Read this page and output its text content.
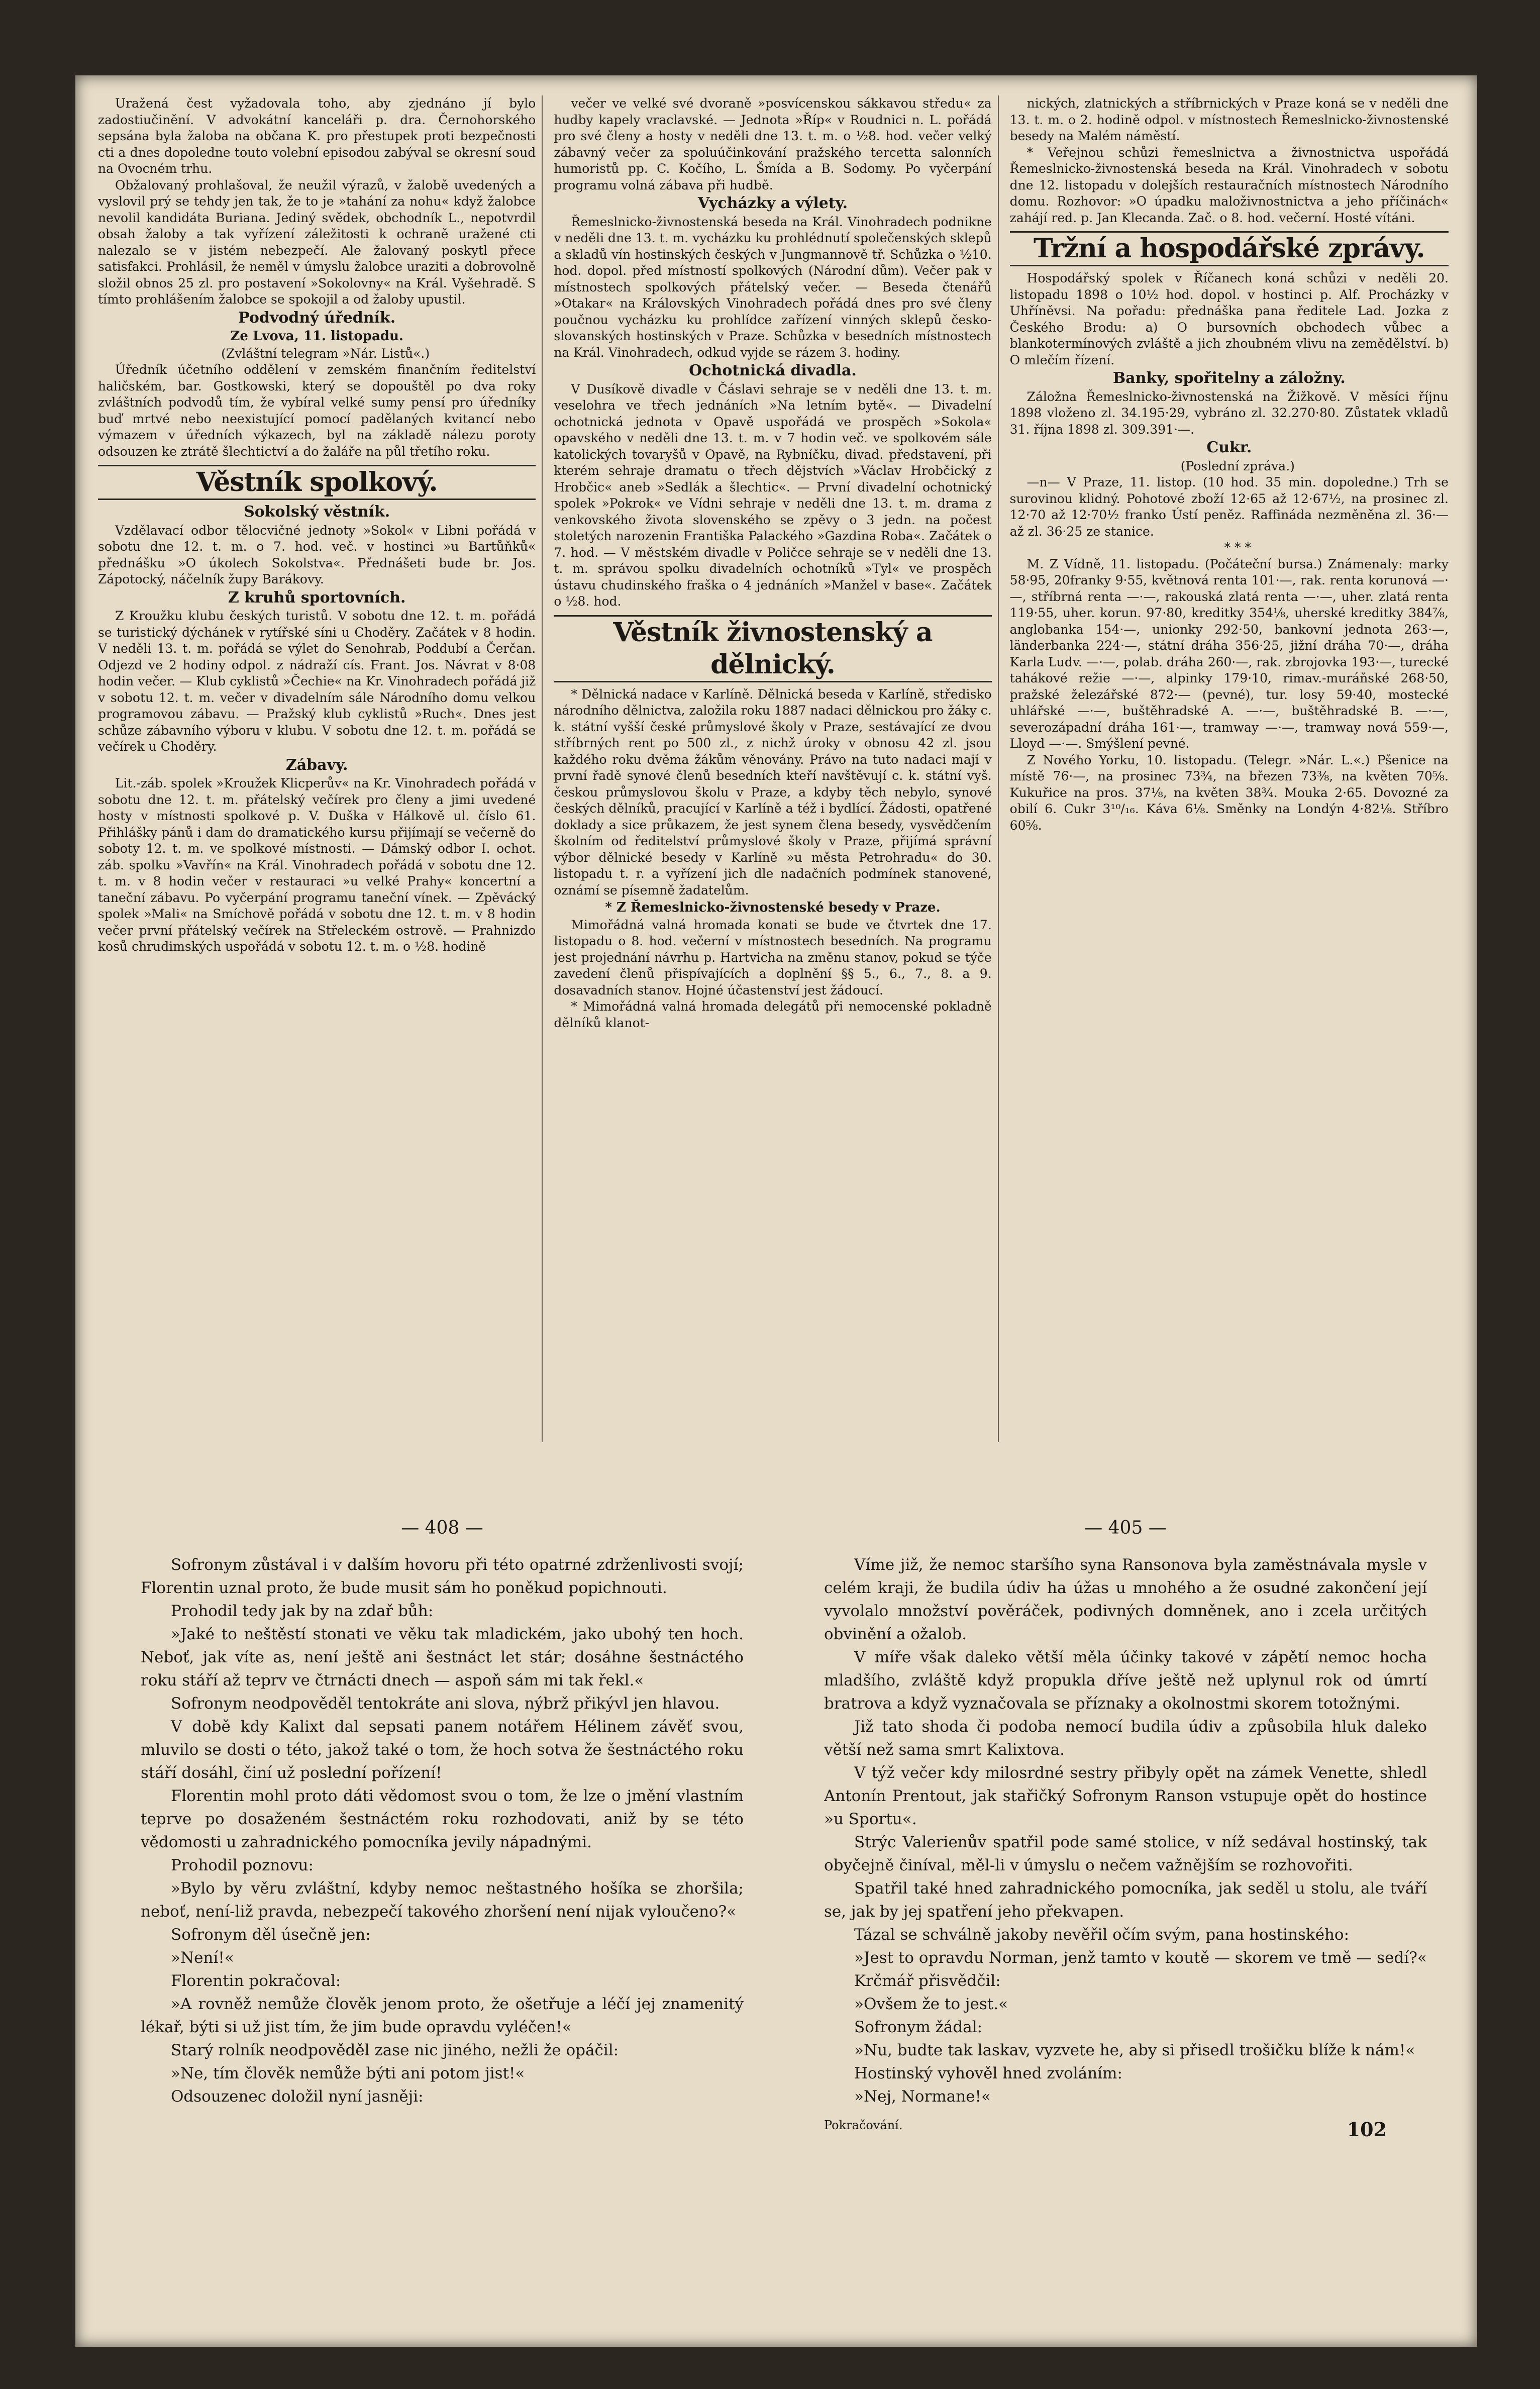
Uražená čest vyžadovala toho, aby zjednáno jí bylo zadostiučinění. V advokátní kanceláři p. dra. Černohorského sepsána byla žaloba na občana K. pro přestupek proti bezpečnosti cti a dnes dopoledne touto volební episodou zabýval se okresní soud na Ovocném trhu.

Obžalovaný prohlašoval, že neužil výrazů, v žalobě uvedených a vyslovil prý se tehdy jen tak, že to je »tahání za nohu« když žalobce nevolil kandidáta Buriana. Jediný svědek, obchodník L., nepotvrdil obsah žaloby a tak vyřízení záležitosti k ochraně uražené cti nalezalo se v jistém nebezpečí. Ale žalovaný poskytl přece satisfakci. Prohlásil, že neměl v úmyslu žalobce uraziti a dobrovolně složil obnos 25 zl. pro postavení »Sokolovny« na Král. Vyšehradě. S tímto prohlášením žalobce se spokojil a od žaloby upustil.

Podvodný úředník.
Ze Lvova, 11. listopadu.

(Zvláštní telegram »Nár. Listů«.)

Úředník účetního oddělení v zemském finančním ředitelství haličském, bar. Gostkowski, který se dopouštěl po dva roky zvláštních podvodů tím, že vybíral velké sumy pensí pro úředníky buď mrtvé nebo neexistující pomocí padělaných kvitancí nebo výmazem v úředních výkazech, byl na základě nálezu poroty odsouzen ke ztrátě šlechtictví a do žaláře na půl třetího roku.

Věstník spolkový.
Sokolský věstník.

Vzdělavací odbor tělocvičné jednoty »Sokol« v Libni pořádá v sobotu dne 12. t. m. o 7. hod. več. v hostinci »u Bartůňků« přednášku »O úkolech Sokolstva«. Přednášeti bude br. Jos. Zápotocký, náčelník župy Barákovy.

Z kruhů sportovních.

Z Kroužku klubu českých turistů. V sobotu dne 12. t. m. pořádá se turistický dýchánek v rytířské síni u Choděry. Začátek v 8 hodin. V neděli 13. t. m. pořádá se výlet do Senohrab, Poddubí a Čerčan. Odjezd ve 2 hodiny odpol. z nádraží cís. Frant. Jos. Návrat v 8·08 hodin večer. — Klub cyklistů »Čechie« na Kr. Vinohradech pořádá již v sobotu 12. t. m. večer v divadelním sále Národního domu velkou programovou zábavu. — Pražský klub cyklistů »Ruch«. Dnes jest schůze zábavního výboru v klubu. V sobotu dne 12. t. m. pořádá se večírek u Choděry.

Zábavy.

Lit.-záb. spolek »Kroužek Klicperův« na Kr. Vinohradech pořádá v sobotu dne 12. t. m. přátelský večírek pro členy a jimi uvedené hosty v místnosti spolkové p. V. Duška v Hálkově ul. číslo 61. Přihlášky pánů i dam do dramatického kursu přijímají se večerně do soboty 12. t. m. ve spolkové místnosti. — Dámský odbor I. ochot. záb. spolku »Vavřín« na Král. Vinohradech pořádá v sobotu dne 12. t. m. v 8 hodin večer v restauraci »u velké Prahy« koncertní a taneční zábavu. Po vyčerpání programu taneční vínek. — Zpěvácký spolek »Mali« na Smíchově pořádá v sobotu dne 12. t. m. v 8 hodin večer první přátelský večírek na Střeleckém ostrově. — Prahnizdo kosů chrudimských uspořádá v sobotu 12. t. m. o ½8. hodině

večer ve velké své dvoraně »posvícenskou sákkavou středu« za hudby kapely vraclavské. — Jednota »Říp« v Roudnici n. L. pořádá pro své členy a hosty v neděli dne 13. t. m. o ½8. hod. večer velký zábavný večer za spoluúčinkování pražského tercetta salonních humoristů pp. C. Kočího, L. Šmída a B. Sodomy. Po vyčerpání programu volná zábava při hudbě.

Vycházky a výlety.

Řemeslnicko-živnostenská beseda na Král. Vinohradech podnikne v neděli dne 13. t. m. vycházku ku prohlédnutí společenských sklepů a skladů vín hostinských českých v Jungmannově tř. Schůzka o ½10. hod. dopol. před místností spolkových (Národní dům). Večer pak v místnostech spolkových přátelský večer. — Beseda čtenářů »Otakar« na Královských Vinohradech pořádá dnes pro své členy poučnou vycházku ku prohlídce zařízení vinných sklepů česko-slovanských hostinských v Praze. Schůzka v besedních místnostech na Král. Vinohradech, odkud vyjde se rázem 3. hodiny.

Ochotnická divadla.

V Dusíkově divadle v Čáslavi sehraje se v neděli dne 13. t. m. veselohra ve třech jednáních »Na letním bytě«. — Divadelní ochotnická jednota v Opavě uspořádá ve prospěch »Sokola« opavského v neděli dne 13. t. m. v 7 hodin več. ve spolkovém sále katolických tovaryšů v Opavě, na Rybníčku, divad. představení, při kterém sehraje dramatu o třech dějstvích »Václav Hrobčický z Hrobčic« aneb »Sedlák a šlechtic«. — První divadelní ochotnický spolek »Pokrok« ve Vídni sehraje v neděli dne 13. t. m. drama z venkovského života slovenského se zpěvy o 3 jedn. na počest stoletých narozenin Františka Palackého »Gazdina Roba«. Začátek o 7. hod. — V městském divadle v Poličce sehraje se v neděli dne 13. t. m. správou spolku divadelních ochotníků »Tyl« ve prospěch ústavu chudinského fraška o 4 jednáních »Manžel v base«. Začátek o ½8. hod.

Věstník živnostenský a dělnický.

* Dělnická nadace v Karlíně. Dělnická beseda v Karlíně, středisko národního dělnictva, založila roku 1887 nadaci dělnickou pro žáky c. k. státní vyšší české průmyslové školy v Praze, sestávající ze dvou stříbrných rent po 500 zl., z nichž úroky v obnosu 42 zl. jsou každého roku dvěma žákům věnovány. Právo na tuto nadaci mají v první řadě synové členů besedních kteří navštěvují c. k. státní vyš. českou průmyslovou školu v Praze, a kdyby těch nebylo, synové českých dělníků, pracující v Karlíně a též i bydlící. Žádosti, opatřené doklady a sice průkazem, že jest synem člena besedy, vysvědčením školním od ředitelství průmyslové školy v Praze, přijímá správní výbor dělnické besedy v Karlíně »u města Petrohradu« do 30. listopadu t. r. a vyřízení jich dle nadačních podmínek stanovené, oznámí se písemně žadatelům.

* Z Řemeslnicko-živnostenské besedy v Praze.

Mimořádná valná hromada konati se bude ve čtvrtek dne 17. listopadu o 8. hod. večerní v místnostech besedních. Na programu jest projednání návrhu p. Hartvicha na změnu stanov, pokud se týče zavedení členů přispívajících a doplnění §§ 5., 6., 7., 8. a 9. dosavadních stanov. Hojné účastenství jest žádoucí.

* Mimořádná valná hromada delegátů při nemocenské pokladně dělníků klanot-

nických, zlatnických a stříbrnických v Praze koná se v neděli dne 13. t. m. o 2. hodině odpol. v místnostech Řemeslnicko-živnostenské besedy na Malém náměstí.

* Veřejnou schůzi řemeslnictva a živnostnictva uspořádá Řemeslnicko-živnostenská beseda na Král. Vinohradech v sobotu dne 12. listopadu v dolejších restauračních místnostech Národního domu. Rozhovor: »O úpadku maloživnostnictva a jeho příčinách« zahájí red. p. Jan Klecanda. Zač. o 8. hod. večerní. Hosté vítáni.

Tržní a hospodářské zprávy.

Hospodářský spolek v Říčanech koná schůzi v neděli 20. listopadu 1898 o 10½ hod. dopol. v hostinci p. Alf. Procházky v Uhříněvsi. Na pořadu: přednáška pana ředitele Lad. Jozka z Českého Brodu: a) O bursovních obchodech vůbec a blankotermínových zvláště a jich zhoubném vlivu na zemědělství. b) O mlečím řízení.

Banky, spořitelny a záložny.

Záložna Řemeslnicko-živnostenská na Žižkově. V měsíci říjnu 1898 vloženo zl. 34.195·29, vybráno zl. 32.270·80. Zůstatek vkladů 31. října 1898 zl. 309.391·—.

Cukr.

(Poslední zpráva.)

—n— V Praze, 11. listop. (10 hod. 35 min. dopoledne.) Trh se surovinou klidný. Pohotové zboží 12·65 až 12·67½, na prosinec zl. 12·70 až 12·70½ franko Ústí peněz. Raffináda nezměněna zl. 36·— až zl. 36·25 ze stanice.

* * *

M. Z Vídně, 11. listopadu. (Počáteční bursa.) Známenaly: marky 58·95, 20franky 9·55, květnová renta 101·—, rak. renta korunová —·—, stříbrná renta —·—, rakouská zlatá renta —·—, uher. zlatá renta 119·55, uher. korun. 97·80, kreditky 354⅛, uherské kreditky 384⅞, anglobanka 154·—, unionky 292·50, bankovní jednota 263·—, länderbanka 224·—, státní dráha 356·25, jižní dráha 70·—, dráha Karla Ludv. —·—, polab. dráha 260·—, rak. zbrojovka 193·—, turecké tahákové režie —·—, alpinky 179·10, rimav.-muráňské 268·50, pražské železářské 872·— (pevné), tur. losy 59·40, mostecké uhlářské —·—, buštěhradské A. —·—, buštěhradské B. —·—, severozápadní dráha 161·—, tramway —·—, tramway nová 559·—, Lloyd —·—. Smýšlení pevné.

Z Nového Yorku, 10. listopadu. (Telegr. »Nár. L.«.) Pšenice na místě 76·—, na prosinec 73¾, na březen 73⅜, na květen 70⅝. Kukuřice na pros. 37⅛, na květen 38¾. Mouka 2·65. Dovozné za obilí 6. Cukr 3¹⁰/₁₆. Káva 6⅛. Směnky na Londýn 4·82⅛. Stříbro 60⅝.

— 408 —

Sofronym zůstával i v dalším hovoru při této opatrné zdrženlivosti svojí; Florentin uznal proto, že bude musit sám ho poněkud popichnouti.

Prohodil tedy jak by na zdař bůh:

»Jaké to neštěstí stonati ve věku tak mladickém, jako ubohý ten hoch. Neboť, jak víte as, není ještě ani šestnáct let stár; dosáhne šestnáctého roku stáří až teprv ve čtrnácti dnech — aspoň sám mi tak řekl.«

Sofronym neodpověděl tentokráte ani slova, nýbrž přikývl jen hlavou.

V době kdy Kalixt dal sepsati panem notářem Hélinem závěť svou, mluvilo se dosti o této, jakož také o tom, že hoch sotva že šestnáctého roku stáří dosáhl, činí už poslední pořízení!

Florentin mohl proto dáti vědomost svou o tom, že lze o jmění vlastním teprve po dosaženém šestnáctém roku rozhodovati, aniž by se této vědomosti u zahradnického pomocníka jevily nápadnými.

Prohodil poznovu:

»Bylo by věru zvláštní, kdyby nemoc neštastného hošíka se zhoršila; neboť, není-liž pravda, nebezpečí takového zhoršení není nijak vyloučeno?«

Sofronym děl úsečně jen:

»Není!«

Florentin pokračoval:

»A rovněž nemůže člověk jenom proto, že ošetřuje a léčí jej znamenitý lékař, býti si už jist tím, že jim bude opravdu vyléčen!«

Starý rolník neodpověděl zase nic jiného, nežli že opáčil:

»Ne, tím člověk nemůže býti ani potom jist!«

Odsouzenec doložil nyní jasněji:

— 405 —

Víme již, že nemoc staršího syna Ransonova byla zaměstnávala mysle v celém kraji, že budila údiv ha úžas u mnohého a že osudné zakončení její vyvolalo množství pověráček, podivných domněnek, ano i zcela určitých obvinění a ožalob.

V míře však daleko větší měla účinky takové v zápětí nemoc hocha mladšího, zvláště když propukla dříve ještě než uplynul rok od úmrtí bratrova a když vyznačovala se příznaky a okolnostmi skorem totožnými.

Již tato shoda či podoba nemocí budila údiv a způsobila hluk daleko větší než sama smrt Kalixtova.

V týž večer kdy milosrdné sestry přibyly opět na zámek Venette, shledl Antonín Prentout, jak stařičký Sofronym Ranson vstupuje opět do hostince »u Sportu«.

Strýc Valerienův spatřil pode samé stolice, v níž sedával hostinský, tak obyčejně činíval, měl-li v úmyslu o nečem važnějším se rozhovořiti.

Spatřil také hned zahradnického pomocníka, jak seděl u stolu, ale tváří se, jak by jej spatření jeho překvapen.

Tázal se schválně jakoby nevěřil očím svým, pana hostinského:

»Jest to opravdu Norman, jenž tamto v koutě — skorem ve tmě — sedí?«

Krčmář přisvědčil:

»Ovšem že to jest.«

Sofronym žádal:

»Nu, budte tak laskav, vyzvete he, aby si přisedl trošičku blíže k nám!«

Hostinský vyhověl hned zvoláním:

»Nej, Normane!«

Pokračování.	102
